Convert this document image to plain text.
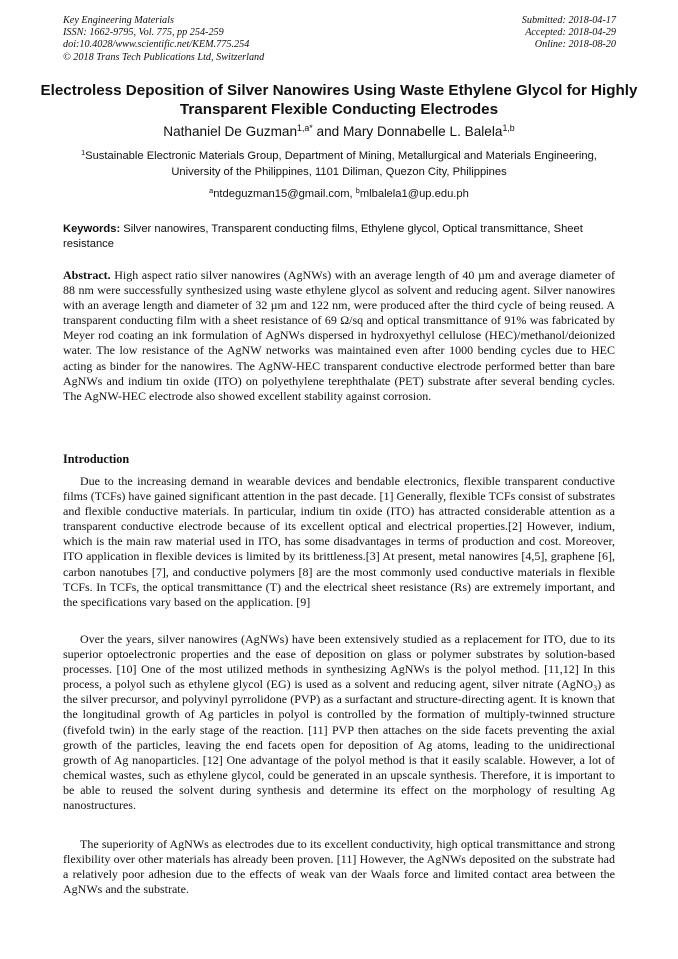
Key Engineering Materials
ISSN: 1662-9795, Vol. 775, pp 254-259
doi:10.4028/www.scientific.net/KEM.775.254
© 2018 Trans Tech Publications Ltd, Switzerland
Submitted: 2018-04-17
Accepted: 2018-04-29
Online: 2018-08-20
Electroless Deposition of Silver Nanowires Using Waste Ethylene Glycol for Highly Transparent Flexible Conducting Electrodes
Nathaniel De Guzman$^{1,a*}$ and Mary Donnabelle L. Balela$^{1,b}$
$^1$Sustainable Electronic Materials Group, Department of Mining, Metallurgical and Materials Engineering, University of the Philippines, 1101 Diliman, Quezon City, Philippines
$^a$ntdeguzman15@gmail.com, $^b$mlbalela1@up.edu.ph
Keywords: Silver nanowires, Transparent conducting films, Ethylene glycol, Optical transmittance, Sheet resistance
Abstract. High aspect ratio silver nanowires (AgNWs) with an average length of 40 µm and average diameter of 88 nm were successfully synthesized using waste ethylene glycol as solvent and reducing agent. Silver nanowires with an average length and diameter of 32 µm and 122 nm, were produced after the third cycle of being reused. A transparent conducting film with a sheet resistance of 69 Ω/sq and optical transmittance of 91% was fabricated by Meyer rod coating an ink formulation of AgNWs dispersed in hydroxyethyl cellulose (HEC)/methanol/deionized water. The low resistance of the AgNW networks was maintained even after 1000 bending cycles due to HEC acting as binder for the nanowires. The AgNW-HEC transparent conductive electrode performed better than bare AgNWs and indium tin oxide (ITO) on polyethylene terephthalate (PET) substrate after several bending cycles. The AgNW-HEC electrode also showed excellent stability against corrosion.
Introduction

Due to the increasing demand in wearable devices and bendable electronics, flexible transparent conductive films (TCFs) have gained significant attention in the past decade. [1] Generally, flexible TCFs consist of substrates and flexible conductive materials. In particular, indium tin oxide (ITO) has attracted considerable attention as a transparent conductive electrode because of its excellent optical and electrical properties.[2] However, indium, which is the main raw material used in ITO, has some disadvantages in terms of production and cost. Moreover, ITO application in flexible devices is limited by its brittleness.[3] At present, metal nanowires [4,5], graphene [6], carbon nanotubes [7], and conductive polymers [8] are the most commonly used conductive materials in flexible TCFs. In TCFs, the optical transmittance (T) and the electrical sheet resistance (Rs) are extremely important, and the specifications vary based on the application. [9]

Over the years, silver nanowires (AgNWs) have been extensively studied as a replacement for ITO, due to its superior optoelectronic properties and the ease of deposition on glass or polymer substrates by solution-based processes. [10] One of the most utilized methods in synthesizing AgNWs is the polyol method. [11,12] In this process, a polyol such as ethylene glycol (EG) is used as a solvent and reducing agent, silver nitrate (AgNO₃) as the silver precursor, and polyvinyl pyrrolidone (PVP) as a surfactant and structure-directing agent. It is known that the longitudinal growth of Ag particles in polyol is controlled by the formation of multiply-twinned structure (fivefold twin) in the early stage of the reaction. [11] PVP then attaches on the side facets preventing the axial growth of the particles, leaving the end facets open for deposition of Ag atoms, leading to the unidirectional growth of Ag nanoparticles. [12] One advantage of the polyol method is that it easily scalable. However, a lot of chemical wastes, such as ethylene glycol, could be generated in an upscale synthesis. Therefore, it is important to be able to reused the solvent during synthesis and determine its effect on the morphology of resulting Ag nanostructures.

The superiority of AgNWs as electrodes due to its excellent conductivity, high optical transmittance and strong flexibility over other materials has already been proven. [11] However, the AgNWs deposited on the substrate had a relatively poor adhesion due to the effects of weak van der Waals force and limited contact area between the AgNWs and the substrate.
